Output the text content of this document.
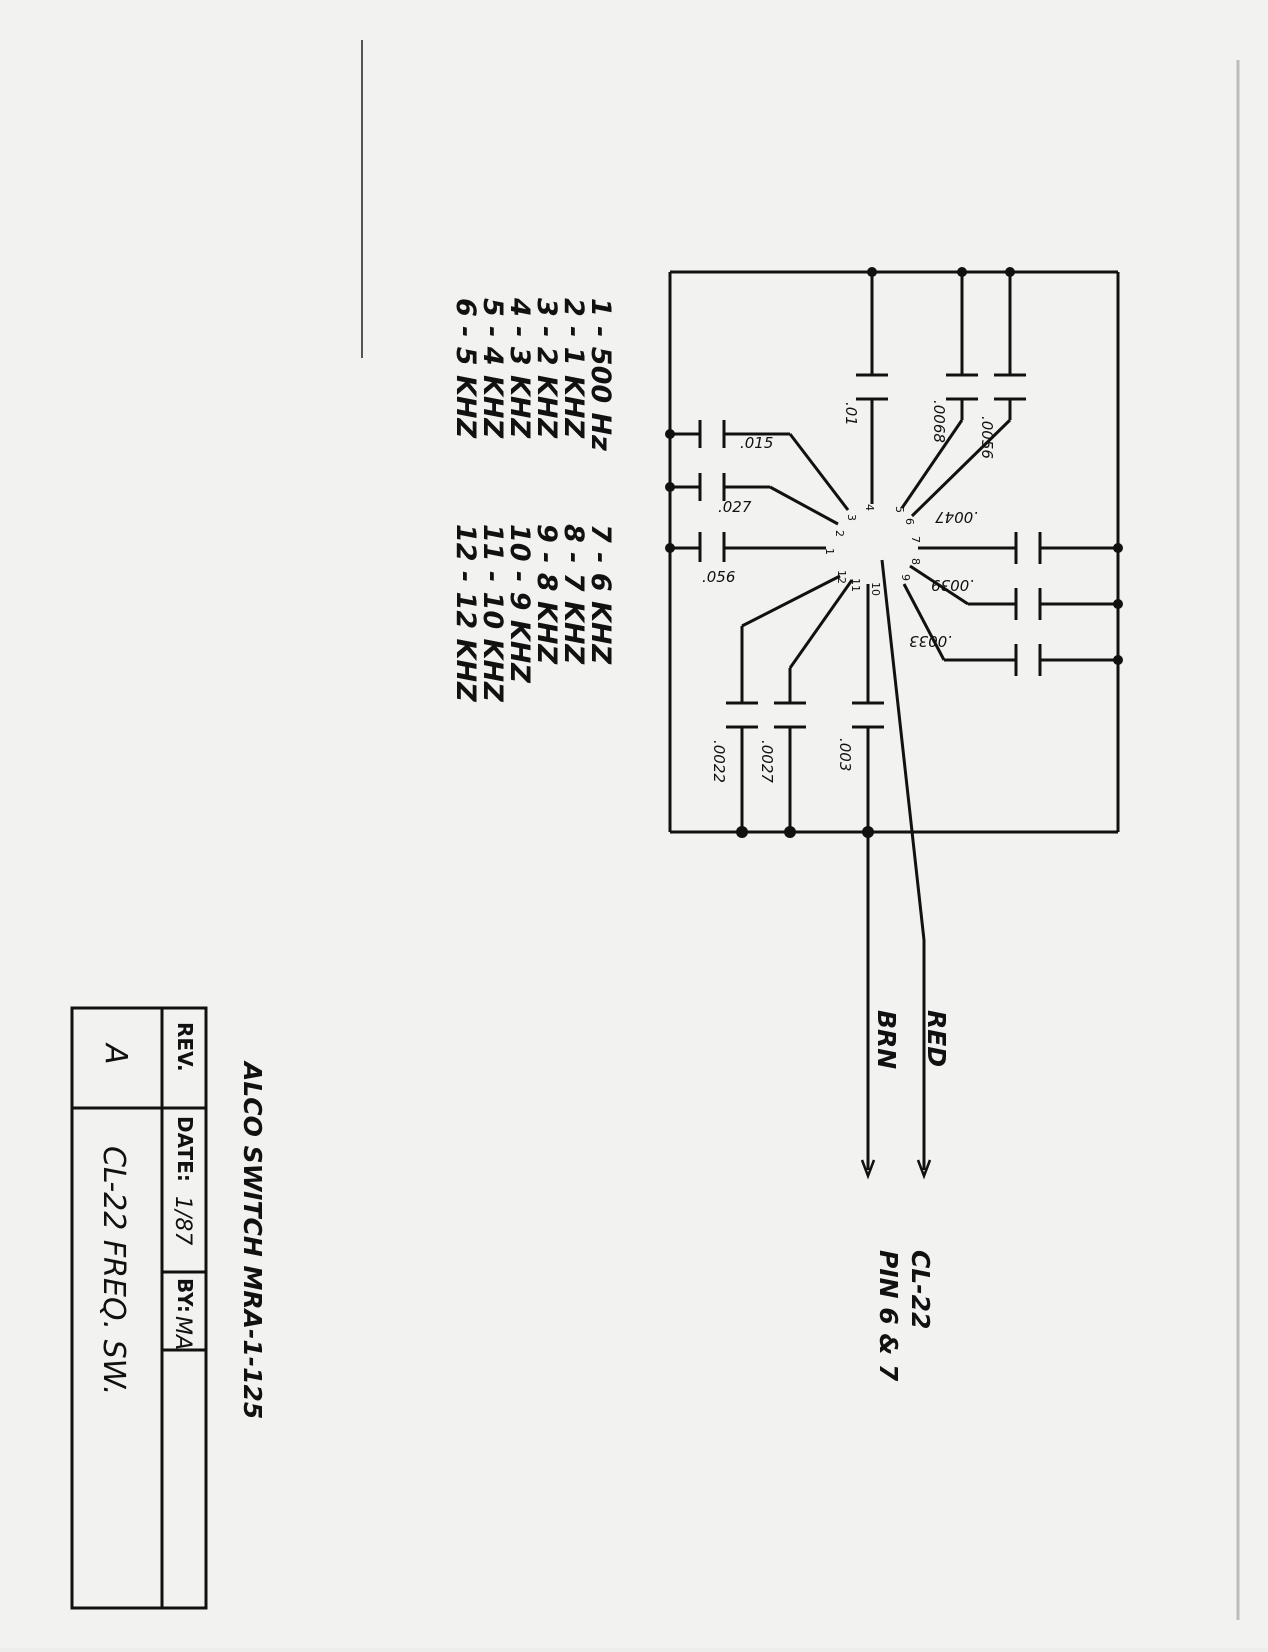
1 - 500 Hz
2 - 1 KHZ
3 - 2 KHZ
4 - 3 KHZ
5 - 4 KHZ
6 - 5 KHZ
7 - 6 KHZ
8 - 7 KHZ
9 - 8 KHZ
10 - 9 KHZ
11 - 10 KHZ
12 - 12 KHZ	1
2
3
4 5
6
7
8
9
10
11
12
.015
.027
.056
.01	.0068 .0056
.0047
.0039
.0033
.003
.0027
.0022
RED
BRN
CL-22
PIN 6 & 7
ALCO SWITCH MRA-1-125
REV.
A
DATE:
1/87
BY:
MA
CL-22 FREQ. SW.
